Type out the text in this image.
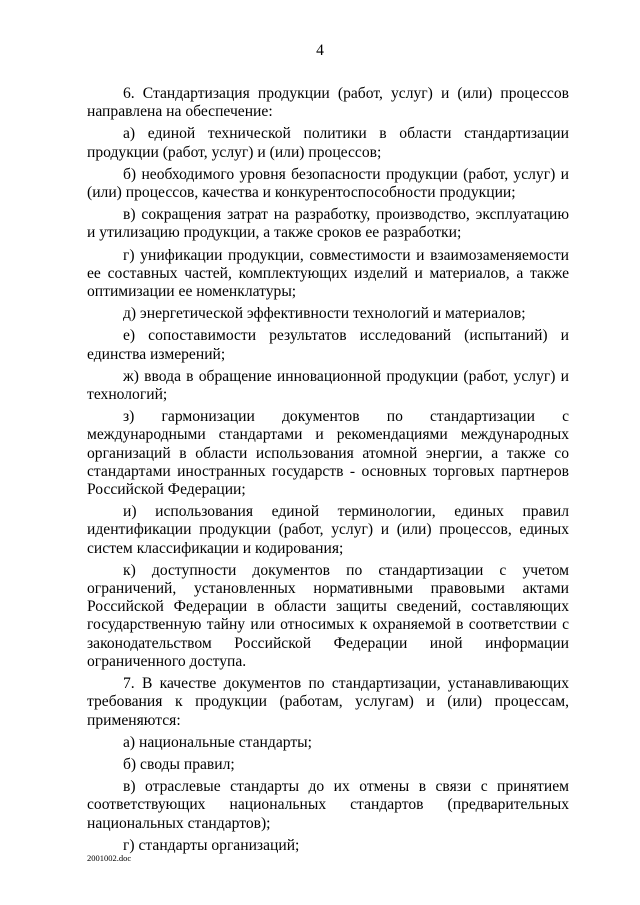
4

6. Стандартизация продукции (работ, услуг) и (или) процессов направлена на обеспечение:

а) единой технической политики в области стандартизации продукции (работ, услуг) и (или) процессов;

б) необходимого уровня безопасности продукции (работ, услуг) и (или) процессов, качества и конкурентоспособности продукции;

в) сокращения затрат на разработку, производство, эксплуатацию и утилизацию продукции, а также сроков ее разработки;

г) унификации продукции, совместимости и взаимозаменяемости ее составных частей, комплектующих изделий и материалов, а также оптимизации ее номенклатуры;

д) энергетической эффективности технологий и материалов;

е) сопоставимости результатов исследований (испытаний) и единства измерений;

ж) ввода в обращение инновационной продукции (работ, услуг) и технологий;

з) гармонизации документов по стандартизации с международными стандартами и рекомендациями международных организаций в области использования атомной энергии, а также со стандартами иностранных государств - основных торговых партнеров Российской Федерации;

и) использования единой терминологии, единых правил идентификации продукции (работ, услуг) и (или) процессов, единых систем классификации и кодирования;

к) доступности документов по стандартизации с учетом ограничений, установленных нормативными правовыми актами Российской Федерации в области защиты сведений, составляющих государственную тайну или относимых к охраняемой в соответствии с законодательством Российской Федерации иной информации ограниченного доступа.

7. В качестве документов по стандартизации, устанавливающих требования к продукции (работам, услугам) и (или) процессам, применяются:

а) национальные стандарты;

б) своды правил;

в) отраслевые стандарты до их отмены в связи с принятием соответствующих национальных стандартов (предварительных национальных стандартов);

г) стандарты организаций;

2001002.doc
